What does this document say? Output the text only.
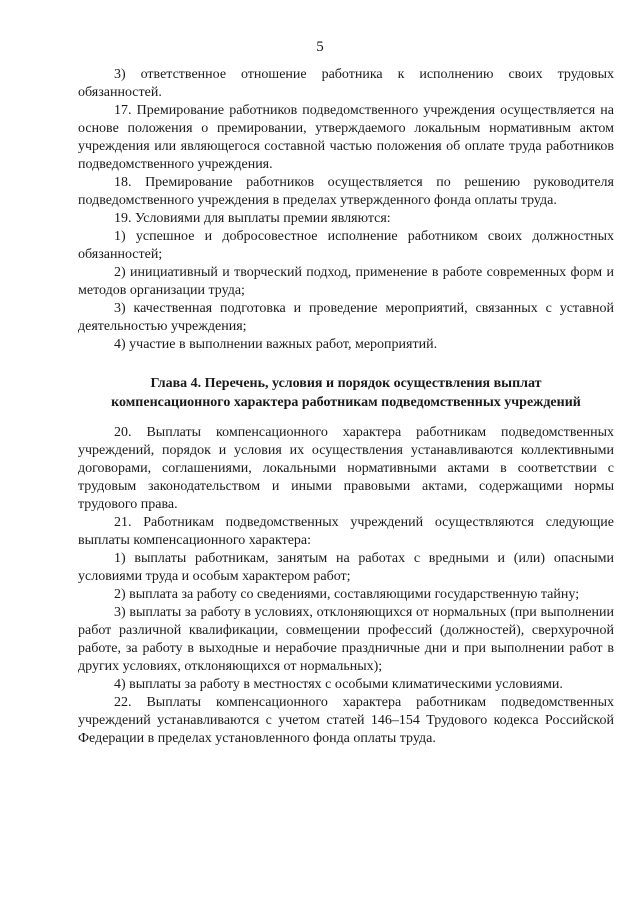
5

3) ответственное отношение работника к исполнению своих трудовых обязанностей.

17. Премирование работников подведомственного учреждения осуществляется на основе положения о премировании, утверждаемого локальным нормативным актом учреждения или являющегося составной частью положения об оплате труда работников подведомственного учреждения.

18. Премирование работников осуществляется по решению руководителя подведомственного учреждения в пределах утвержденного фонда оплаты труда.

19. Условиями для выплаты премии являются:

1) успешное и добросовестное исполнение работником своих должностных обязанностей;

2) инициативный и творческий подход, применение в работе современных форм и методов организации труда;

3) качественная подготовка и проведение мероприятий, связанных с уставной деятельностью учреждения;

4) участие в выполнении важных работ, мероприятий.

Глава 4. Перечень, условия и порядок осуществления выплат
компенсационного характера работникам подведомственных учреждений

20. Выплаты компенсационного характера работникам подведомственных учреждений, порядок и условия их осуществления устанавливаются коллективными договорами, соглашениями, локальными нормативными актами в соответствии с трудовым законодательством и иными правовыми актами, содержащими нормы трудового права.

21. Работникам подведомственных учреждений осуществляются следующие выплаты компенсационного характера:

1) выплаты работникам, занятым на работах с вредными и (или) опасными условиями труда и особым характером работ;

2) выплата за работу со сведениями, составляющими государственную тайну;

3) выплаты за работу в условиях, отклоняющихся от нормальных (при выполнении работ различной квалификации, совмещении профессий (должностей), сверхурочной работе, за работу в выходные и нерабочие праздничные дни и при выполнении работ в других условиях, отклоняющихся от нормальных);

4) выплаты за работу в местностях с особыми климатическими условиями.

22. Выплаты компенсационного характера работникам подведомственных учреждений устанавливаются с учетом статей 146–154 Трудового кодекса Российской Федерации в пределах установленного фонда оплаты труда.
